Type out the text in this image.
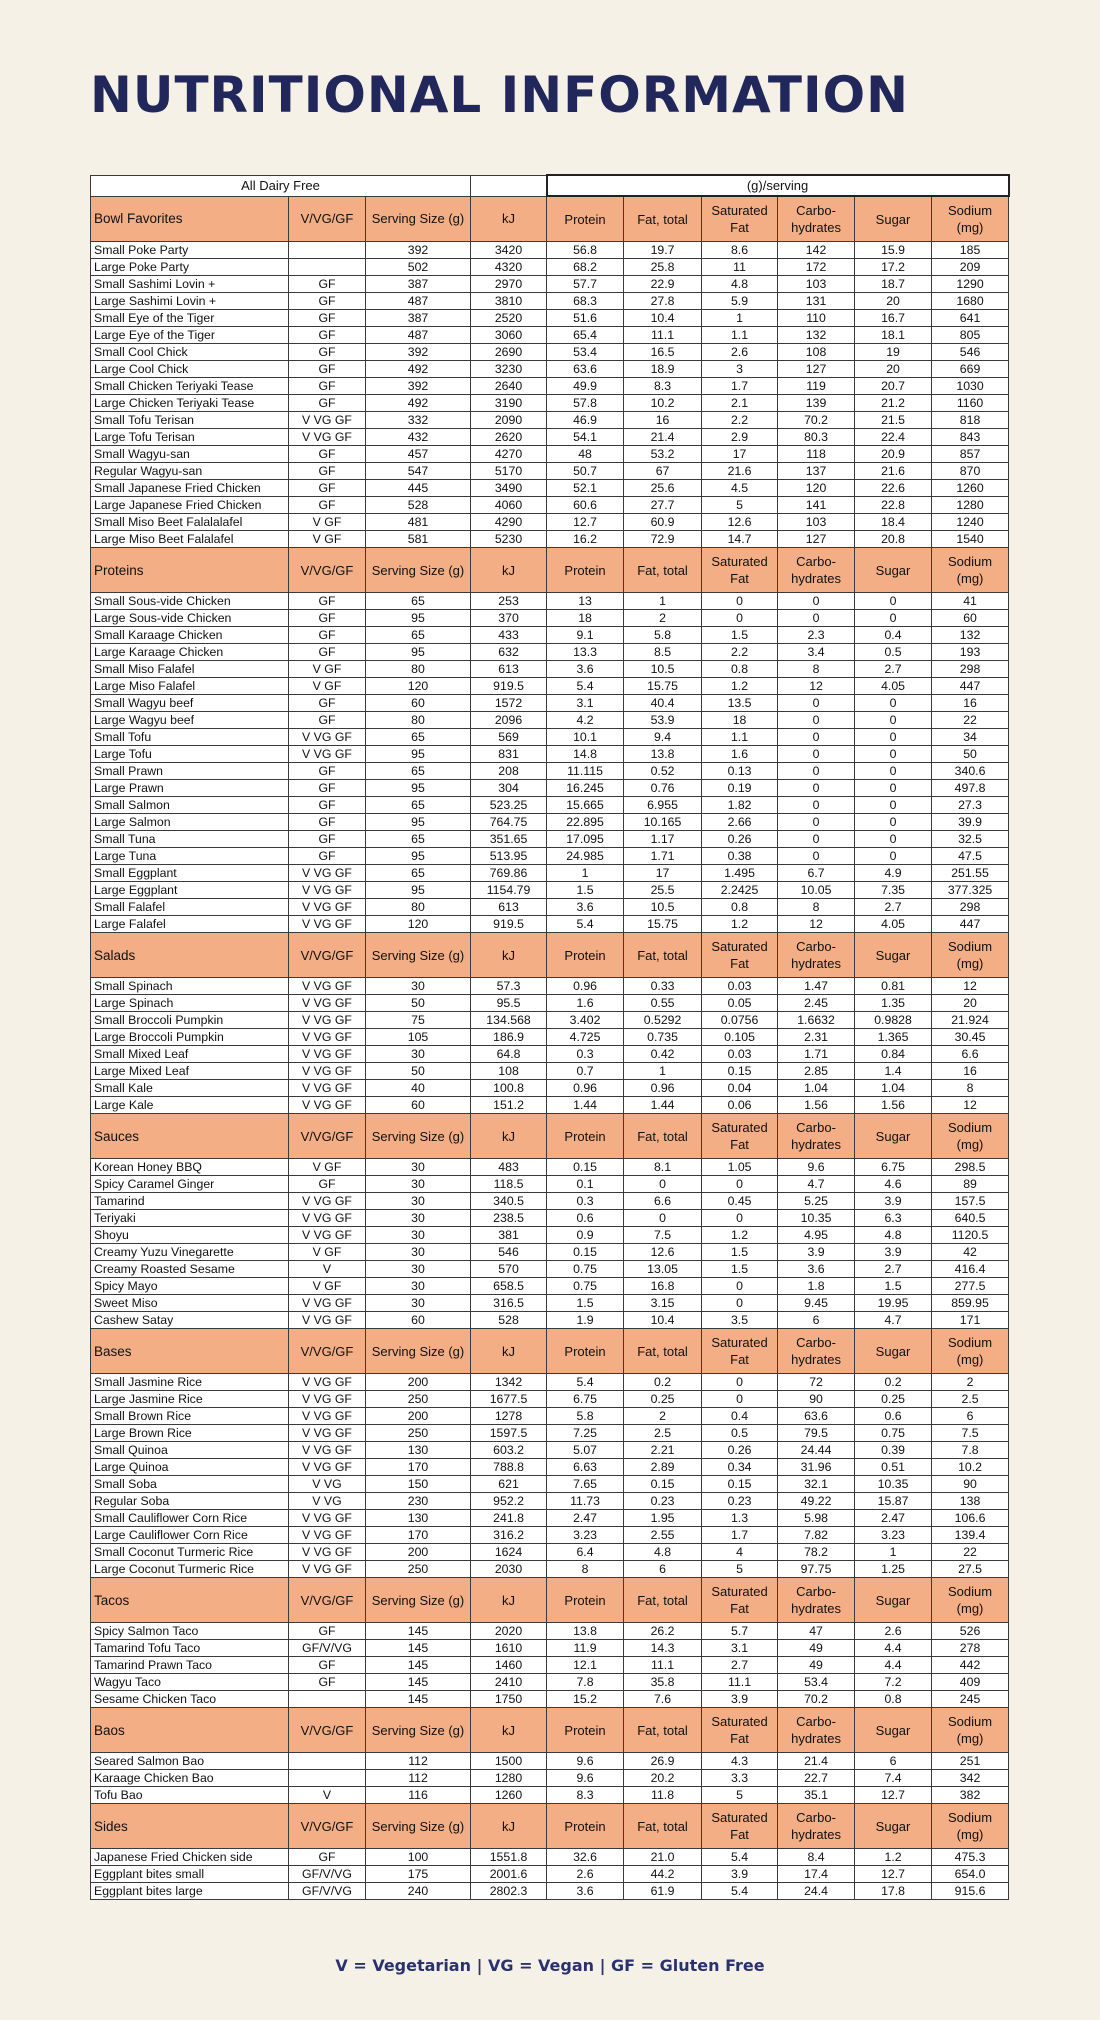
NUTRITIONAL INFORMATION
All Dairy Free				(g)/serving					
Bowl Favorites	V/VG/GF	Serving Size (g)	kJ	Protein	Fat, total	Saturated Fat	Carbo- hydrates	Sugar	Sodium (mg)
Small Poke Party		392	3420	56.8	19.7	8.6	142	15.9	185
Large Poke Party		502	4320	68.2	25.8	11	172	17.2	209
Small Sashimi Lovin +	GF	387	2970	57.7	22.9	4.8	103	18.7	1290
Large Sashimi Lovin +	GF	487	3810	68.3	27.8	5.9	131	20	1680
Small Eye of the Tiger	GF	387	2520	51.6	10.4	1	110	16.7	641
Large Eye of the Tiger	GF	487	3060	65.4	11.1	1.1	132	18.1	805
Small Cool Chick	GF	392	2690	53.4	16.5	2.6	108	19	546
Large Cool Chick	GF	492	3230	63.6	18.9	3	127	20	669
Small Chicken Teriyaki Tease	GF	392	2640	49.9	8.3	1.7	119	20.7	1030
Large Chicken Teriyaki Tease	GF	492	3190	57.8	10.2	2.1	139	21.2	1160
Small Tofu Terisan	V VG GF	332	2090	46.9	16	2.2	70.2	21.5	818
Large Tofu Terisan	V VG GF	432	2620	54.1	21.4	2.9	80.3	22.4	843
Small Wagyu-san	GF	457	4270	48	53.2	17	118	20.9	857
Regular Wagyu-san	GF	547	5170	50.7	67	21.6	137	21.6	870
Small Japanese Fried Chicken	GF	445	3490	52.1	25.6	4.5	120	22.6	1260
Large Japanese Fried Chicken	GF	528	4060	60.6	27.7	5	141	22.8	1280
Small Miso Beet Falalalafel	V GF	481	4290	12.7	60.9	12.6	103	18.4	1240
Large Miso Beet Falalafel	V GF	581	5230	16.2	72.9	14.7	127	20.8	1540
Proteins	V/VG/GF	Serving Size (g)	kJ	Protein	Fat, total	Saturated Fat	Carbo- hydrates	Sugar	Sodium (mg)
Small Sous-vide Chicken	GF	65	253	13	1	0	0	0	41
Large Sous-vide Chicken	GF	95	370	18	2	0	0	0	60
Small Karaage Chicken	GF	65	433	9.1	5.8	1.5	2.3	0.4	132
Large Karaage Chicken	GF	95	632	13.3	8.5	2.2	3.4	0.5	193
Small Miso Falafel	V GF	80	613	3.6	10.5	0.8	8	2.7	298
Large Miso Falafel	V GF	120	919.5	5.4	15.75	1.2	12	4.05	447
Small Wagyu beef	GF	60	1572	3.1	40.4	13.5	0	0	16
Large Wagyu beef	GF	80	2096	4.2	53.9	18	0	0	22
Small Tofu	V VG GF	65	569	10.1	9.4	1.1	0	0	34
Large Tofu	V VG GF	95	831	14.8	13.8	1.6	0	0	50
Small Prawn	GF	65	208	11.115	0.52	0.13	0	0	340.6
Large Prawn	GF	95	304	16.245	0.76	0.19	0	0	497.8
Small Salmon	GF	65	523.25	15.665	6.955	1.82	0	0	27.3
Large Salmon	GF	95	764.75	22.895	10.165	2.66	0	0	39.9
Small Tuna	GF	65	351.65	17.095	1.17	0.26	0	0	32.5
Large Tuna	GF	95	513.95	24.985	1.71	0.38	0	0	47.5
Small Eggplant	V VG GF	65	769.86	1	17	1.495	6.7	4.9	251.55
Large Eggplant	V VG GF	95	1154.79	1.5	25.5	2.2425	10.05	7.35	377.325
Small Falafel	V VG GF	80	613	3.6	10.5	0.8	8	2.7	298
Large Falafel	V VG GF	120	919.5	5.4	15.75	1.2	12	4.05	447
Salads	V/VG/GF	Serving Size (g)	kJ	Protein	Fat, total	Saturated Fat	Carbo- hydrates	Sugar	Sodium (mg)
Small Spinach	V VG GF	30	57.3	0.96	0.33	0.03	1.47	0.81	12
Large Spinach	V VG GF	50	95.5	1.6	0.55	0.05	2.45	1.35	20
Small Broccoli Pumpkin	V VG GF	75	134.568	3.402	0.5292	0.0756	1.6632	0.9828	21.924
Large Broccoli Pumpkin	V VG GF	105	186.9	4.725	0.735	0.105	2.31	1.365	30.45
Small Mixed Leaf	V VG GF	30	64.8	0.3	0.42	0.03	1.71	0.84	6.6
Large Mixed Leaf	V VG GF	50	108	0.7	1	0.15	2.85	1.4	16
Small Kale	V VG GF	40	100.8	0.96	0.96	0.04	1.04	1.04	8
Large Kale	V VG GF	60	151.2	1.44	1.44	0.06	1.56	1.56	12
Sauces	V/VG/GF	Serving Size (g)	kJ	Protein	Fat, total	Saturated Fat	Carbo- hydrates	Sugar	Sodium (mg)
Korean Honey BBQ	V GF	30	483	0.15	8.1	1.05	9.6	6.75	298.5
Spicy Caramel Ginger	GF	30	118.5	0.1	0	0	4.7	4.6	89
Tamarind	V VG GF	30	340.5	0.3	6.6	0.45	5.25	3.9	157.5
Teriyaki	V VG GF	30	238.5	0.6	0	0	10.35	6.3	640.5
Shoyu	V VG GF	30	381	0.9	7.5	1.2	4.95	4.8	1120.5
Creamy Yuzu Vinegarette	V GF	30	546	0.15	12.6	1.5	3.9	3.9	42
Creamy Roasted Sesame	V	30	570	0.75	13.05	1.5	3.6	2.7	416.4
Spicy Mayo	V GF	30	658.5	0.75	16.8	0	1.8	1.5	277.5
Sweet Miso	V VG GF	30	316.5	1.5	3.15	0	9.45	19.95	859.95
Cashew Satay	V VG GF	60	528	1.9	10.4	3.5	6	4.7	171
Bases	V/VG/GF	Serving Size (g)	kJ	Protein	Fat, total	Saturated Fat	Carbo- hydrates	Sugar	Sodium (mg)
Small Jasmine Rice	V VG GF	200	1342	5.4	0.2	0	72	0.2	2
Large Jasmine Rice	V VG GF	250	1677.5	6.75	0.25	0	90	0.25	2.5
Small Brown Rice	V VG GF	200	1278	5.8	2	0.4	63.6	0.6	6
Large Brown Rice	V VG GF	250	1597.5	7.25	2.5	0.5	79.5	0.75	7.5
Small Quinoa	V VG GF	130	603.2	5.07	2.21	0.26	24.44	0.39	7.8
Large Quinoa	V VG GF	170	788.8	6.63	2.89	0.34	31.96	0.51	10.2
Small Soba	V VG	150	621	7.65	0.15	0.15	32.1	10.35	90
Regular Soba	V VG	230	952.2	11.73	0.23	0.23	49.22	15.87	138
Small Cauliflower Corn Rice	V VG GF	130	241.8	2.47	1.95	1.3	5.98	2.47	106.6
Large Cauliflower Corn Rice	V VG GF	170	316.2	3.23	2.55	1.7	7.82	3.23	139.4
Small Coconut Turmeric Rice	V VG GF	200	1624	6.4	4.8	4	78.2	1	22
Large Coconut Turmeric Rice	V VG GF	250	2030	8	6	5	97.75	1.25	27.5
Tacos	V/VG/GF	Serving Size (g)	kJ	Protein	Fat, total	Saturated Fat	Carbo- hydrates	Sugar	Sodium (mg)
Spicy Salmon Taco	GF	145	2020	13.8	26.2	5.7	47	2.6	526
Tamarind Tofu Taco	GF/V/VG	145	1610	11.9	14.3	3.1	49	4.4	278
Tamarind Prawn Taco	GF	145	1460	12.1	11.1	2.7	49	4.4	442
Wagyu Taco	GF	145	2410	7.8	35.8	11.1	53.4	7.2	409
Sesame Chicken Taco		145	1750	15.2	7.6	3.9	70.2	0.8	245
Baos	V/VG/GF	Serving Size (g)	kJ	Protein	Fat, total	Saturated Fat	Carbo- hydrates	Sugar	Sodium (mg)
Seared Salmon Bao		112	1500	9.6	26.9	4.3	21.4	6	251
Karaage Chicken Bao		112	1280	9.6	20.2	3.3	22.7	7.4	342
Tofu Bao	V	116	1260	8.3	11.8	5	35.1	12.7	382
Sides	V/VG/GF	Serving Size (g)	kJ	Protein	Fat, total	Saturated Fat	Carbo- hydrates	Sugar	Sodium (mg)
Japanese Fried Chicken side	GF	100	1551.8	32.6	21.0	5.4	8.4	1.2	475.3
Eggplant bites small	GF/V/VG	175	2001.6	2.6	44.2	3.9	17.4	12.7	654.0
Eggplant bites large	GF/V/VG	240	2802.3	3.6	61.9	5.4	24.4	17.8	915.6
V = Vegetarian | VG = Vegan | GF = Gluten Free
